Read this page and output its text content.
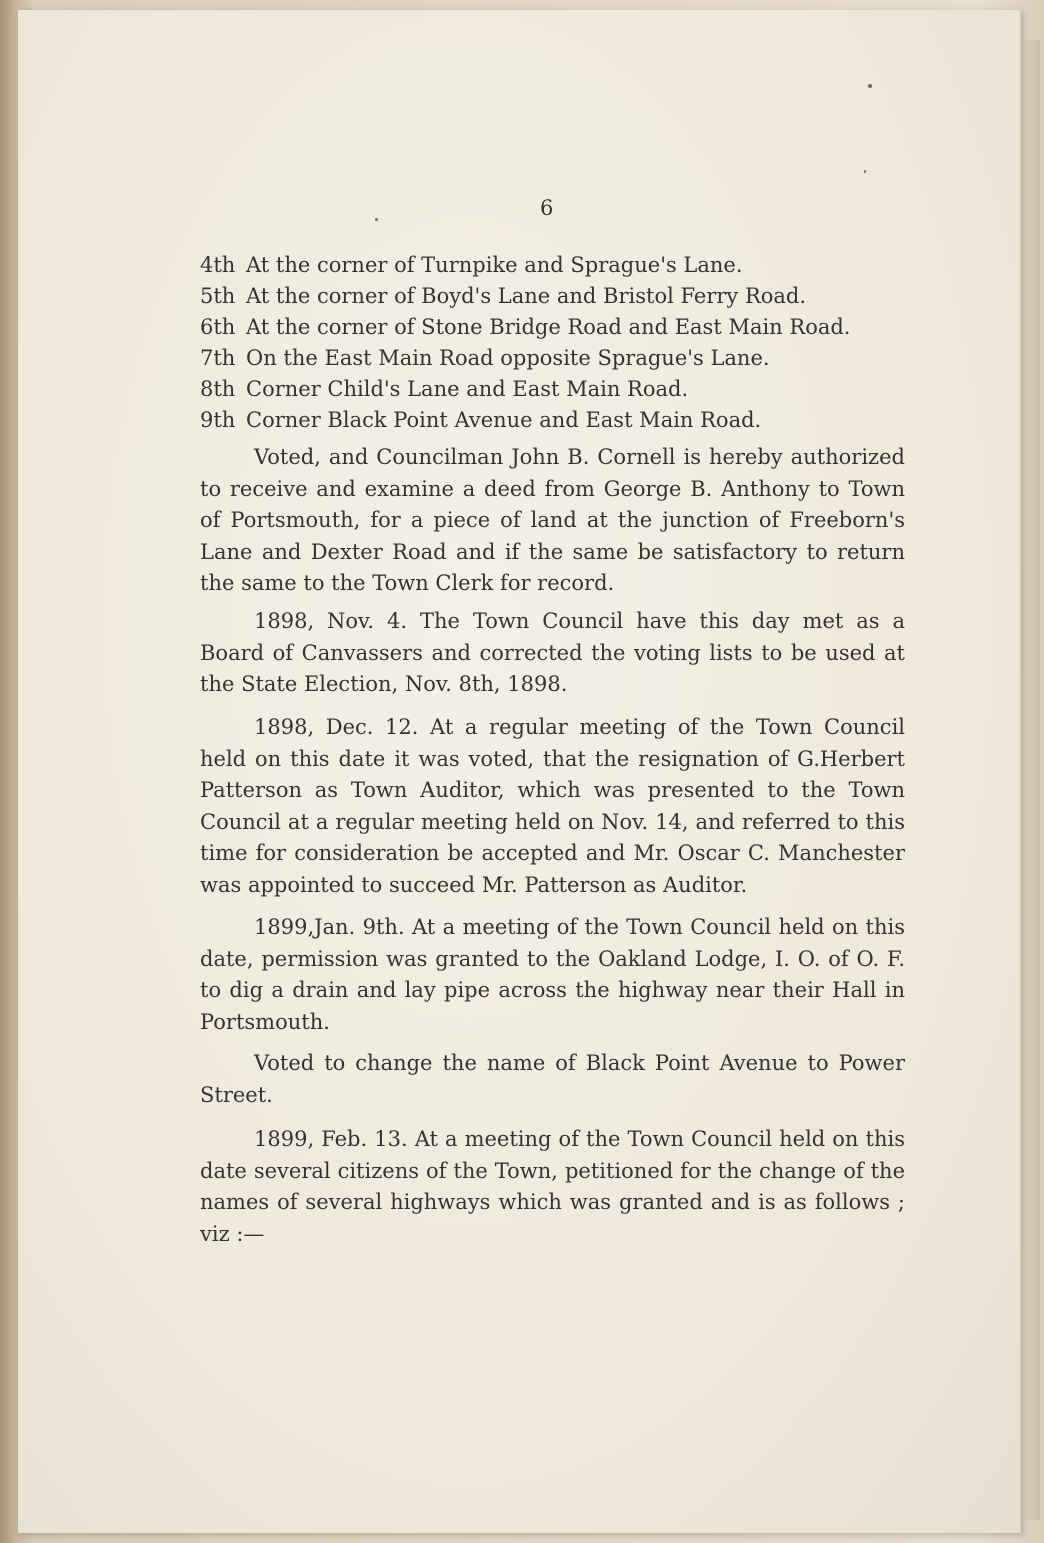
6
4th At the corner of Turnpike and Sprague's Lane.
5th At the corner of Boyd's Lane and Bristol Ferry Road.
6th At the corner of Stone Bridge Road and East Main Road.
7th On the East Main Road opposite Sprague's Lane.
8th Corner Child's Lane and East Main Road.
9th Corner Black Point Avenue and East Main Road.
Voted, and Councilman John B. Cornell is hereby authorized to receive and examine a deed from George B. Anthony to Town of Portsmouth, for a piece of land at the junction of Freeborn's Lane and Dexter Road and if the same be satisfactory to return the same to the Town Clerk for record.
1898, Nov. 4. The Town Council have this day met as a Board of Canvassers and corrected the voting lists to be used at the State Election, Nov. 8th, 1898.
1898, Dec. 12. At a regular meeting of the Town Council held on this date it was voted, that the resignation of G.Herbert Patterson as Town Auditor, which was presented to the Town Council at a regular meeting held on Nov. 14, and referred to this time for consideration be accepted and Mr. Oscar C. Manchester was appointed to succeed Mr. Patterson as Auditor.
1899,Jan. 9th. At a meeting of the Town Council held on this date, permission was granted to the Oakland Lodge, I. O. of O. F. to dig a drain and lay pipe across the highway near their Hall in Portsmouth.
Voted to change the name of Black Point Avenue to Power Street.
1899, Feb. 13. At a meeting of the Town Council held on this date several citizens of the Town, petitioned for the change of the names of several highways which was granted and is as follows ; viz :—
